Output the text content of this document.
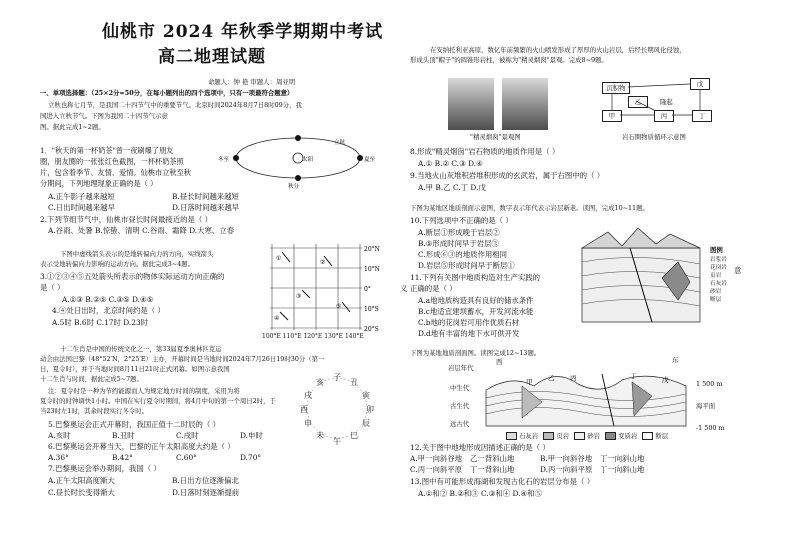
仙桃市 2024 年秋季学期期中考试
高二地理试题
命题人：钟 艳 审题人：周亚明
一、单项选择题：（25×2分=50分，在每小题列出的四个选项中，只有一项最符合题意）
立秋也称七月节，是我国二十四节气中的重要节气。北京时间2024年8月7日8时09分，我
国进入立秋节气。下图为我国二十四节气示意
图。据此完成1~2题。
太阳	夏至
立秋
秋分
冬至
1．"秋天的第一杯奶茶"曾一夜刷爆了朋友
圈，朋友圈的一张张红色截图，一杯杯奶茶照
片，包含着季节、友情、爱情。仙桃市立秋至秋
分期间，下列地理现象正确的是（ ）
A.正午影子越来越短	B.昼长时间越来越短
C.日出时间越来越早	D.日落时间越来越早
2.下列节组节气中，仙桃市昼长时间最接近的是（ ）
A.谷雨、处暑 B.惊蛰、清明 C.谷雨、霜降 D.大寒、立春
下图中虚线箭头表示的是地转偏向力的方向，实线箭头
表示受地转偏向力影响的运动方向。据此完成3~4题。
3.①②③④⑤五处箭头所表示的物体实际运动方向正确的
是（ ）
A.①③ B.②⑤ C.③⑤ D.④⑤
4.④处日出时，北京时间约是（ ）
A.5时 B.6时 C.17时 D.23时
20°N
10°N
0°
10°S
20°S
①
②
③
④
⑤
100°E 110°E 120°E 130°E 140°E
十二生肖是中国的传统文化之一，第33届夏季奥林匹克运
动会由法国巴黎（48°52′N，2°25′E）主办，开幕时间是当地时间2024年7月26日19时30分（第一
日，夏令时），并于当地时间8月11日21时正式闭幕。如图示意我国
十二生肖与时间，据此完成5~7题。
注：夏令时是一种为节约能源而人为规定地方时间的制度，采用为将
夏令时的时钟调快1小时。中国在实行夏令时期间，将4月中旬的第一个周日2时，于
当23时左1时，其余时段实行冬令时。
子
丑
寅
卯
辰
巳
午
未
申
酉
戌
亥
5.巴黎奥运会正式开幕时，我国正值十二时辰的（ ）
A.亥时	B.丑时	C.戌时	D.申时
6.巴黎奥运会开幕当天，巴黎的正午太阳高度大约是（ ）
A.36°	B.42°	C.60°	D.70°
7.巴黎奥运会举办期间，我国（ ）
A.正午太阳高度渐大	B.日出方位逐渐偏北
C.昼长时长变得渐大	D.日落时刻逐渐提前
在安纳托利亚高原，数亿年前频繁的火山喷发形成了厚厚的火山岩层，后经长期风化侵蚀，
形成头顶"帽子"的圆锥形岩柱，被称为"精灵烟囱"景观。完成8~9题。
"精灵烟囱"景观图
沉积物	戊
甲
乙
丙	丁
隆起
岩石圈物质循环示意图
8.形成"精灵烟囱"岩石物质的地质作用是（ ）
A.① B.② C.③ D.④
9.当地火山灰堆积岩堆积形成的玄武岩，属于右图中的（ ）
A.甲 B.乙 C.丁 D.戊
下图为某地区地质剖面示意图，数字表示年代表示岩层新老。读图，完成10~11题。
10.下列选项中不正确的是（ ）
A.断层①形成晚于岩层②
B.⑤形成时间早于岩层③
C.形成⑥③的地质作用相同
D.岩层⑤形成时间早于断层①
11.下列有关图中地质构造对生产实践的
义 正确的是（ ）
A.a地地质构造具有良好的储水条件
B.c地适宜建坝蓄水，开发河流水能
C.b地的花岗岩可用作优质石材
D.d地有丰富的地下水可供开发
图例
岩浆岩
花岗岩
页岩
石灰岩
砂岩
断层
意
下图为某地地质剖面图。读图完成12~13题。
岩层年代
中生代
古生代
远古代
西	东
甲 乙 丙	丁	戊	1 500 m
海平面
-1 500 m
石灰岩	页岩	砂岩	变质岩	断层
12.关于图中地地形成因描述正确的是（ ）
A.甲一向斜谷地 乙一背斜山地	B.甲一向斜谷地 丁一向斜山地
C.丙一向斜平原 丁一背斜山地	D.丙一向斜平原 丁一向斜山地
13.图中有可能形成海湖和发现古化石的岩层分布是（ ）
A.①和② B.②和③ C.③和④ D.④和⑤
